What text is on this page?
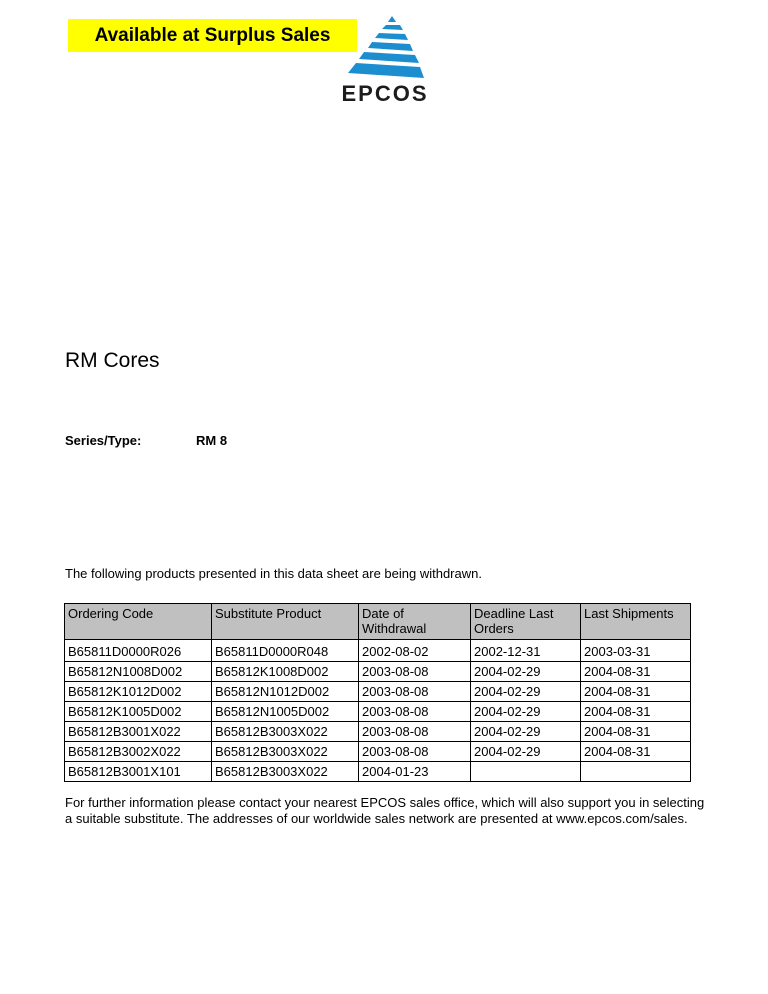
Available at Surplus Sales
EPCOS
RM Cores
Series/Type:	RM 8
The following products presented in this data sheet are being withdrawn.
Ordering Code	Substitute Product	Date of Withdrawal	Deadline Last Orders	Last Shipments
B65811D0000R026	B65811D0000R048	2002-08-02	2002-12-31	2003-03-31
B65812N1008D002	B65812K1008D002	2003-08-08	2004-02-29	2004-08-31
B65812K1012D002	B65812N1012D002	2003-08-08	2004-02-29	2004-08-31
B65812K1005D002	B65812N1005D002	2003-08-08	2004-02-29	2004-08-31
B65812B3001X022	B65812B3003X022	2003-08-08	2004-02-29	2004-08-31
B65812B3002X022	B65812B3003X022	2003-08-08	2004-02-29	2004-08-31
B65812B3001X101	B65812B3003X022	2004-01-23		
For further information please contact your nearest EPCOS sales office, which will also support you in selecting a suitable substitute. The addresses of our worldwide sales network are presented at www.epcos.com/sales.
